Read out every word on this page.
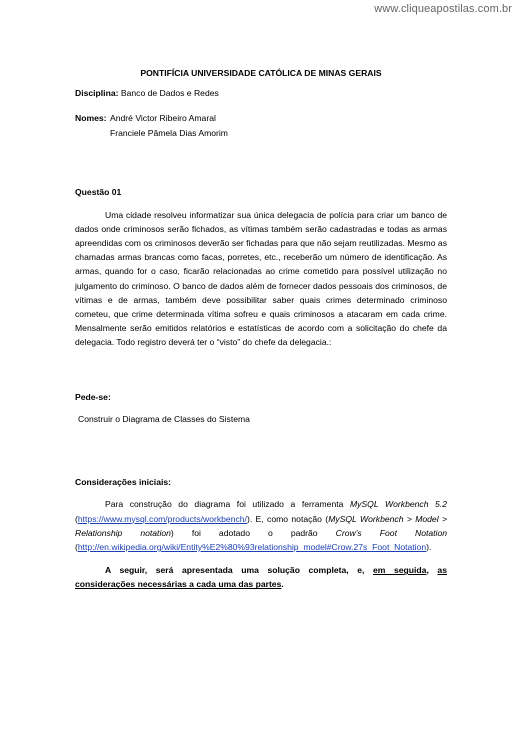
www.cliqueapostilas.com.br

PONTIFÍCIA UNIVERSIDADE CATÓLICA DE MINAS GERAIS

Disciplina: Banco de Dados e Redes

Nomes: André Victor Ribeiro Amaral
Franciele Pâmela Dias Amorim

Questão 01

Uma cidade resolveu informatizar sua única delegacia de polícia para criar um banco de dados onde criminosos serão fichados, as vítimas também serão cadastradas e todas as armas apreendidas com os criminosos deverão ser fichadas para que não sejam reutilizadas. Mesmo as chamadas armas brancas como facas, porretes, etc., receberão um número de identificação. As armas, quando for o caso, ficarão relacionadas ao crime cometido para possível utilização no julgamento do criminoso. O banco de dados além de fornecer dados pessoais dos criminosos, de vítimas e de armas, também deve possibilitar saber quais crimes determinado criminoso cometeu, que crime determinada vítima sofreu e quais criminosos a atacaram em cada crime. Mensalmente serão emitidos relatórios e estatísticas de acordo com a solicitação do chefe da delegacia. Todo registro deverá ter o “visto” do chefe da delegacia.:

Pede-se:

Construir o Diagrama de Classes do Sistema

Considerações iniciais:

Para construção do diagrama foi utilizado a ferramenta MySQL Workbench 5.2 (https://www.mysql.com/products/workbench/). E, como notação (MySQL Workbench > Model > Relationship notation) foi adotado o padrão Crow’s Foot Notation (http://en.wikipedia.org/wiki/Entity%E2%80%93relationship_model#Crow.27s_Foot_Notation).

A seguir, será apresentada uma solução completa, e, em seguida, as considerações necessárias a cada uma das partes.
